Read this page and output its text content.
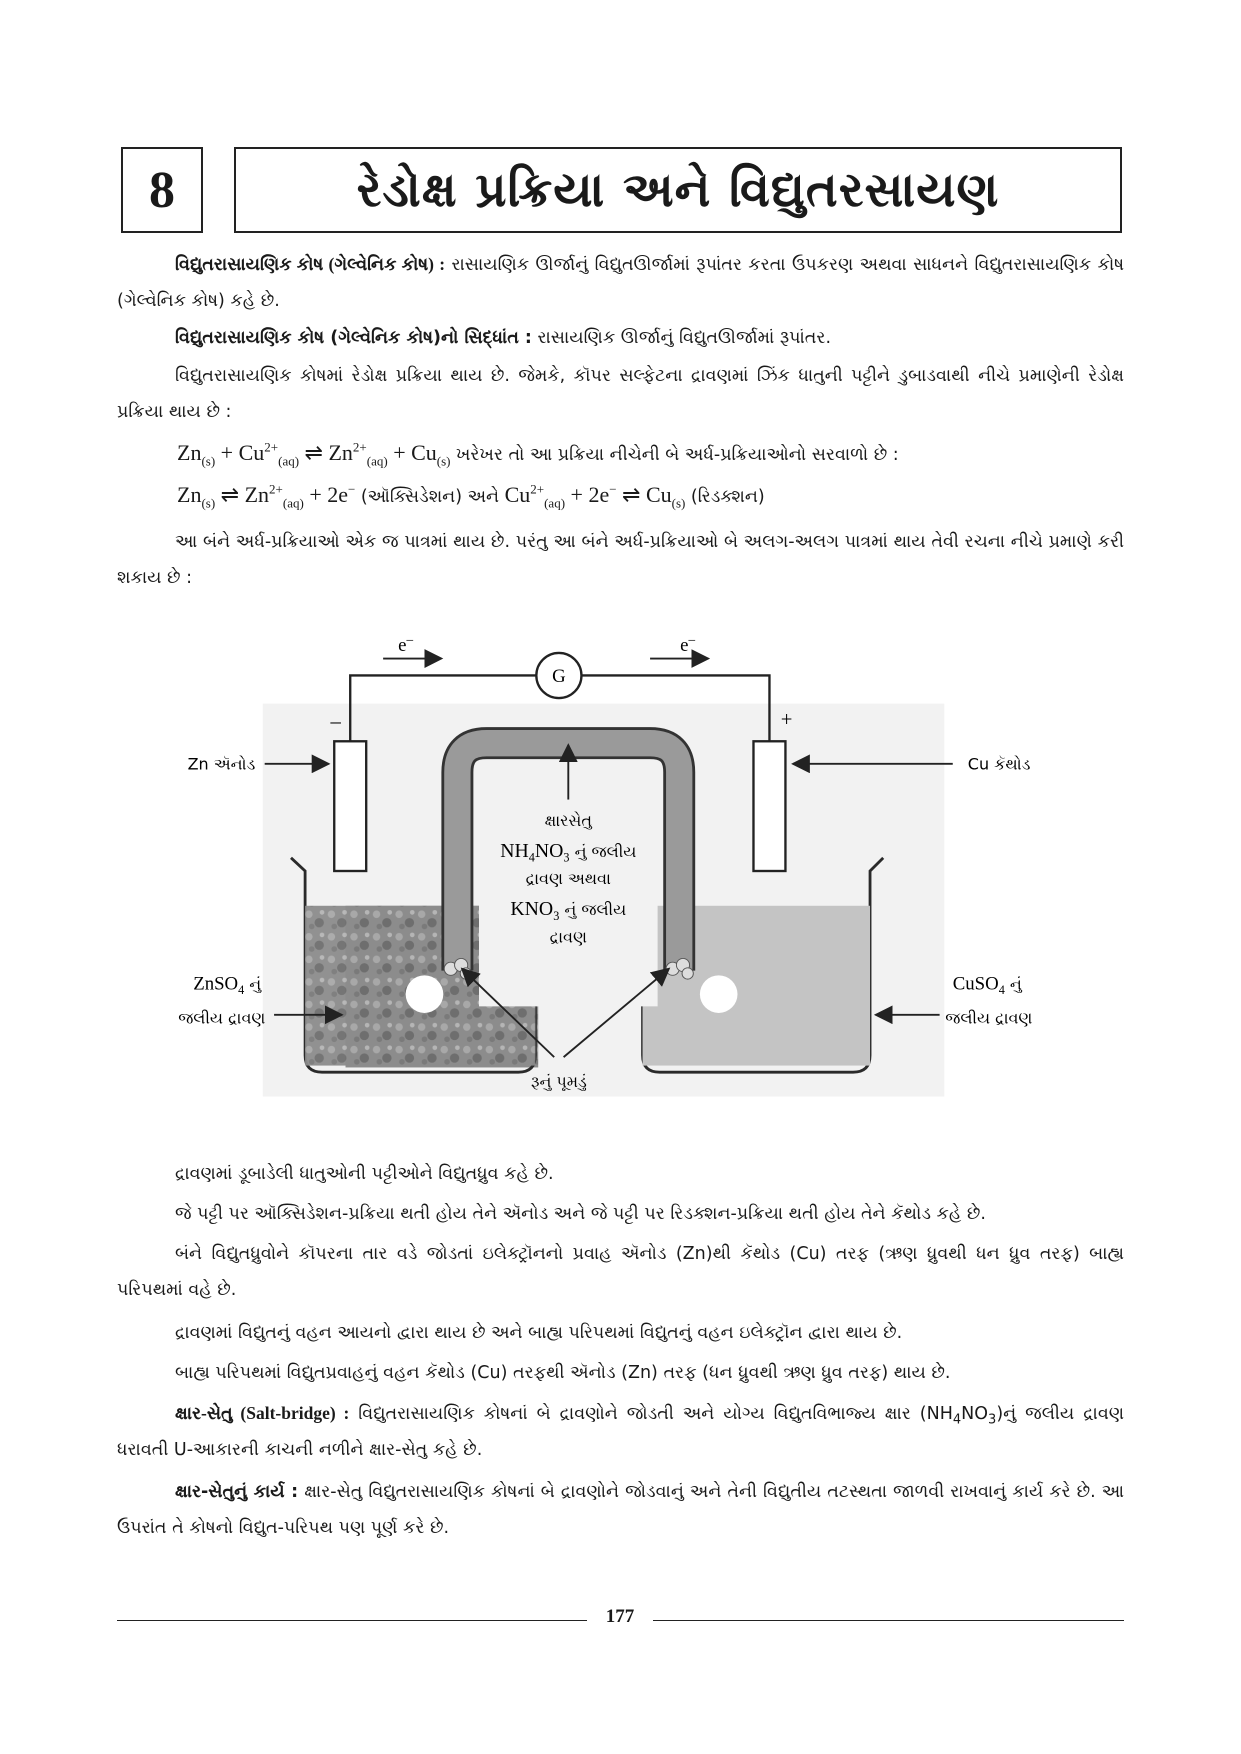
8	રેડોક્ષ પ્રક્રિયા અને વિદ્યુતરસાયણ

વિદ્યુતરાસાયણિક કોષ (ગેલ્વેનિક કોષ) : રાસાયણિક ઊર્જાનું વિદ્યુતઊર્જામાં રૂપાંતર કરતા ઉપકરણ અથવા સાધનને વિદ્યુતરાસાયણિક કોષ (ગેલ્વેનિક કોષ) કહે છે.

વિદ્યુતરાસાયણિક કોષ (ગેલ્વેનિક કોષ)નો સિદ્ધાંત : રાસાયણિક ઊર્જાનું વિદ્યુતઊર્જામાં રૂપાંતર.

વિદ્યુતરાસાયણિક કોષમાં રેડોક્ષ પ્રક્રિયા થાય છે. જેમકે, કૉપર સલ્ફેટના દ્રાવણમાં ઝિંક ધાતુની પટ્ટીને ડુબાડવાથી નીચે પ્રમાણેની રેડોક્ષ પ્રક્રિયા થાય છે :

$Zn_{(s)} + Cu^{2+}_{(aq)}$ ⇌ $Zn^{2+}_{(aq)} + Cu_{(s)}$ ખરેખર તો આ પ્રક્રિયા નીચેની બે અર્ધ-પ્રક્રિયાઓનો સરવાળો છે :
$Zn_{(s)}$ ⇌ $Zn^{2+}_{(aq)} + 2e^-$ (ઑક્સિડેશન) અને $Cu^{2+}_{(aq)} + 2e^-$ ⇌ $Cu_{(s)}$ (રિડક્શન)

આ બંને અર્ધ-પ્રક્રિયાઓ એક જ પાત્રમાં થાય છે. પરંતુ આ બંને અર્ધ-પ્રક્રિયાઓ બે અલગ-અલગ પાત્રમાં થાય તેવી રચના નીચે પ્રમાણે કરી શકાય છે :

G
–	+
e–	e–
Zn ઍનોડ	Cu કૅથોડ
ક્ષારસેતુ
$NH_4NO_3$ નું જલીય
દ્રાવણ અથવા
$KNO_3$ નું જલીય
દ્રાવણ
ZnSO$_4$ નું
જલીય દ્રાવણ
CuSO$_4$ નું
જલીય દ્રાવણ
રૂનું પૂમડું

દ્રાવણમાં ડૂબાડેલી ધાતુઓની પટ્ટીઓને વિદ્યુતધ્રુવ કહે છે.

જે પટ્ટી પર ઑક્સિડેશન-પ્રક્રિયા થતી હોય તેને ઍનોડ અને જે પટ્ટી પર રિડક્શન-પ્રક્રિયા થતી હોય તેને કૅથોડ કહે છે.

બંને વિદ્યુતધ્રુવોને કૉપરના તાર વડે જોડતાં ઇલેક્ટ્રૉનનો પ્રવાહ ઍનોડ (Zn)થી કૅથોડ (Cu) તરફ (ઋણ ધ્રુવથી ધન ધ્રુવ તરફ) બાહ્ય પરિપથમાં વહે છે.

દ્રાવણમાં વિદ્યુતનું વહન આયનો દ્વારા થાય છે અને બાહ્ય પરિપથમાં વિદ્યુતનું વહન ઇલેક્ટ્રૉન દ્વારા થાય છે.

બાહ્ય પરિપથમાં વિદ્યુતપ્રવાહનું વહન કૅથોડ (Cu) તરફથી ઍનોડ (Zn) તરફ (ધન ધ્રુવથી ઋણ ધ્રુવ તરફ) થાય છે.

ક્ષાર-સેતુ (Salt-bridge) : વિદ્યુતરાસાયણિક કોષનાં બે દ્રાવણોને જોડતી અને યોગ્ય વિદ્યુતવિભાજ્ય ક્ષાર $(NH_4NO_3)નું$ જલીય દ્રાવણ ધરાવતી U-આકારની કાચની નળીને ક્ષાર-સેતુ કહે છે.

ક્ષાર-સેતુનું કાર્ય : ક્ષાર-સેતુ વિદ્યુતરાસાયણિક કોષનાં બે દ્રાવણોને જોડવાનું અને તેની વિદ્યુતીય તટસ્થતા જાળવી રાખવાનું કાર્ય કરે છે. આ ઉપરાંત તે કોષનો વિદ્યુત-પરિપથ પણ પૂર્ણ કરે છે.

177
